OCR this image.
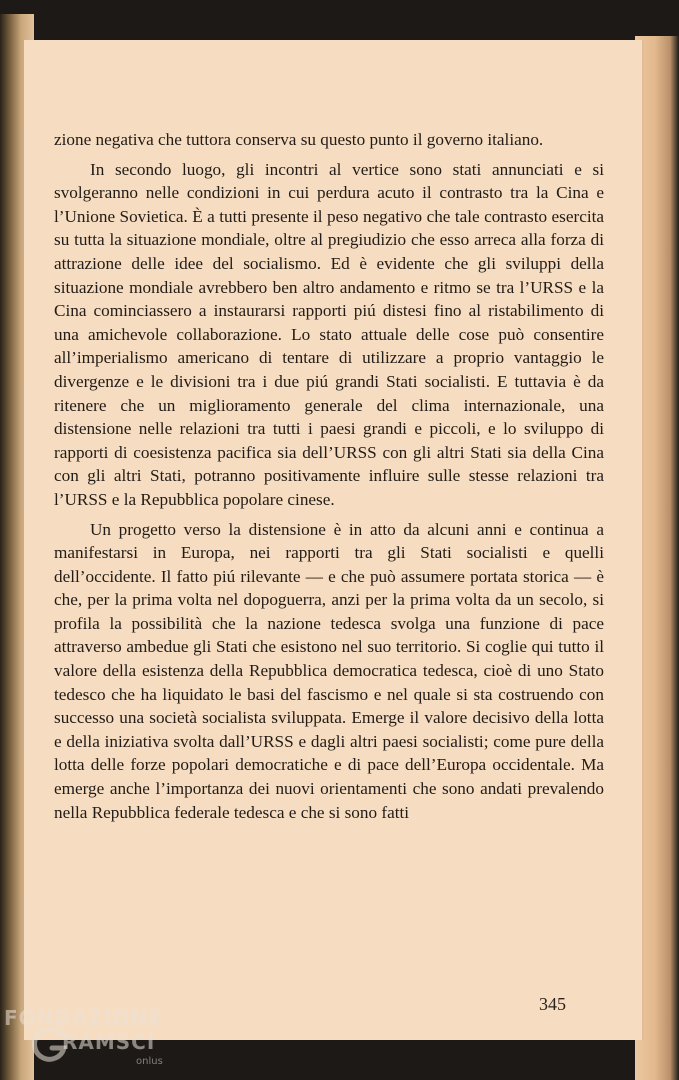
zione negativa che tuttora conserva su questo punto il governo italiano.

In secondo luogo, gli incontri al vertice sono stati annunciati e si svolgeranno nelle condizioni in cui perdura acuto il contrasto tra la Cina e l’Unione Sovietica. È a tutti presente il peso negativo che tale contrasto esercita su tutta la situazione mondiale, oltre al pregiudizio che esso arreca alla forza di attrazione delle idee del socialismo. Ed è evidente che gli sviluppi della situazione mondiale avrebbero ben altro andamento e ritmo se tra l’URSS e la Cina cominciassero a instaurarsi rapporti piú distesi fino al ristabilimento di una amichevole collaborazione. Lo stato attuale delle cose può consentire all’imperialismo americano di tentare di utilizzare a proprio vantaggio le divergenze e le divisioni tra i due piú grandi Stati socialisti. E tuttavia è da ritenere che un miglioramento generale del clima internazionale, una distensione nelle relazioni tra tutti i paesi grandi e piccoli, e lo sviluppo di rapporti di coesistenza pacifica sia dell’URSS con gli altri Stati sia della Cina con gli altri Stati, potranno positivamente influire sulle stesse relazioni tra l’URSS e la Repubblica popolare cinese.

Un progetto verso la distensione è in atto da alcuni anni e continua a manifestarsi in Europa, nei rapporti tra gli Stati socialisti e quelli dell’occidente. Il fatto piú rilevante — e che può assumere portata storica — è che, per la prima volta nel dopoguerra, anzi per la prima volta da un secolo, si profila la possibilità che la nazione tedesca svolga una funzione di pace attraverso ambedue gli Stati che esistono nel suo territorio. Si coglie qui tutto il valore della esistenza della Repubblica democratica tedesca, cioè di uno Stato tedesco che ha liquidato le basi del fascismo e nel quale si sta costruendo con successo una società socialista sviluppata. Emerge il valore decisivo della lotta e della iniziativa svolta dall’URSS e dagli altri paesi socialisti; come pure della lotta delle forze popolari democratiche e di pace dell’Europa occidentale. Ma emerge anche l’importanza dei nuovi orientamenti che sono andati prevalendo nella Repubblica federale tedesca e che si sono fatti

345
FONDAZIONE
RAMSCI
onlus
